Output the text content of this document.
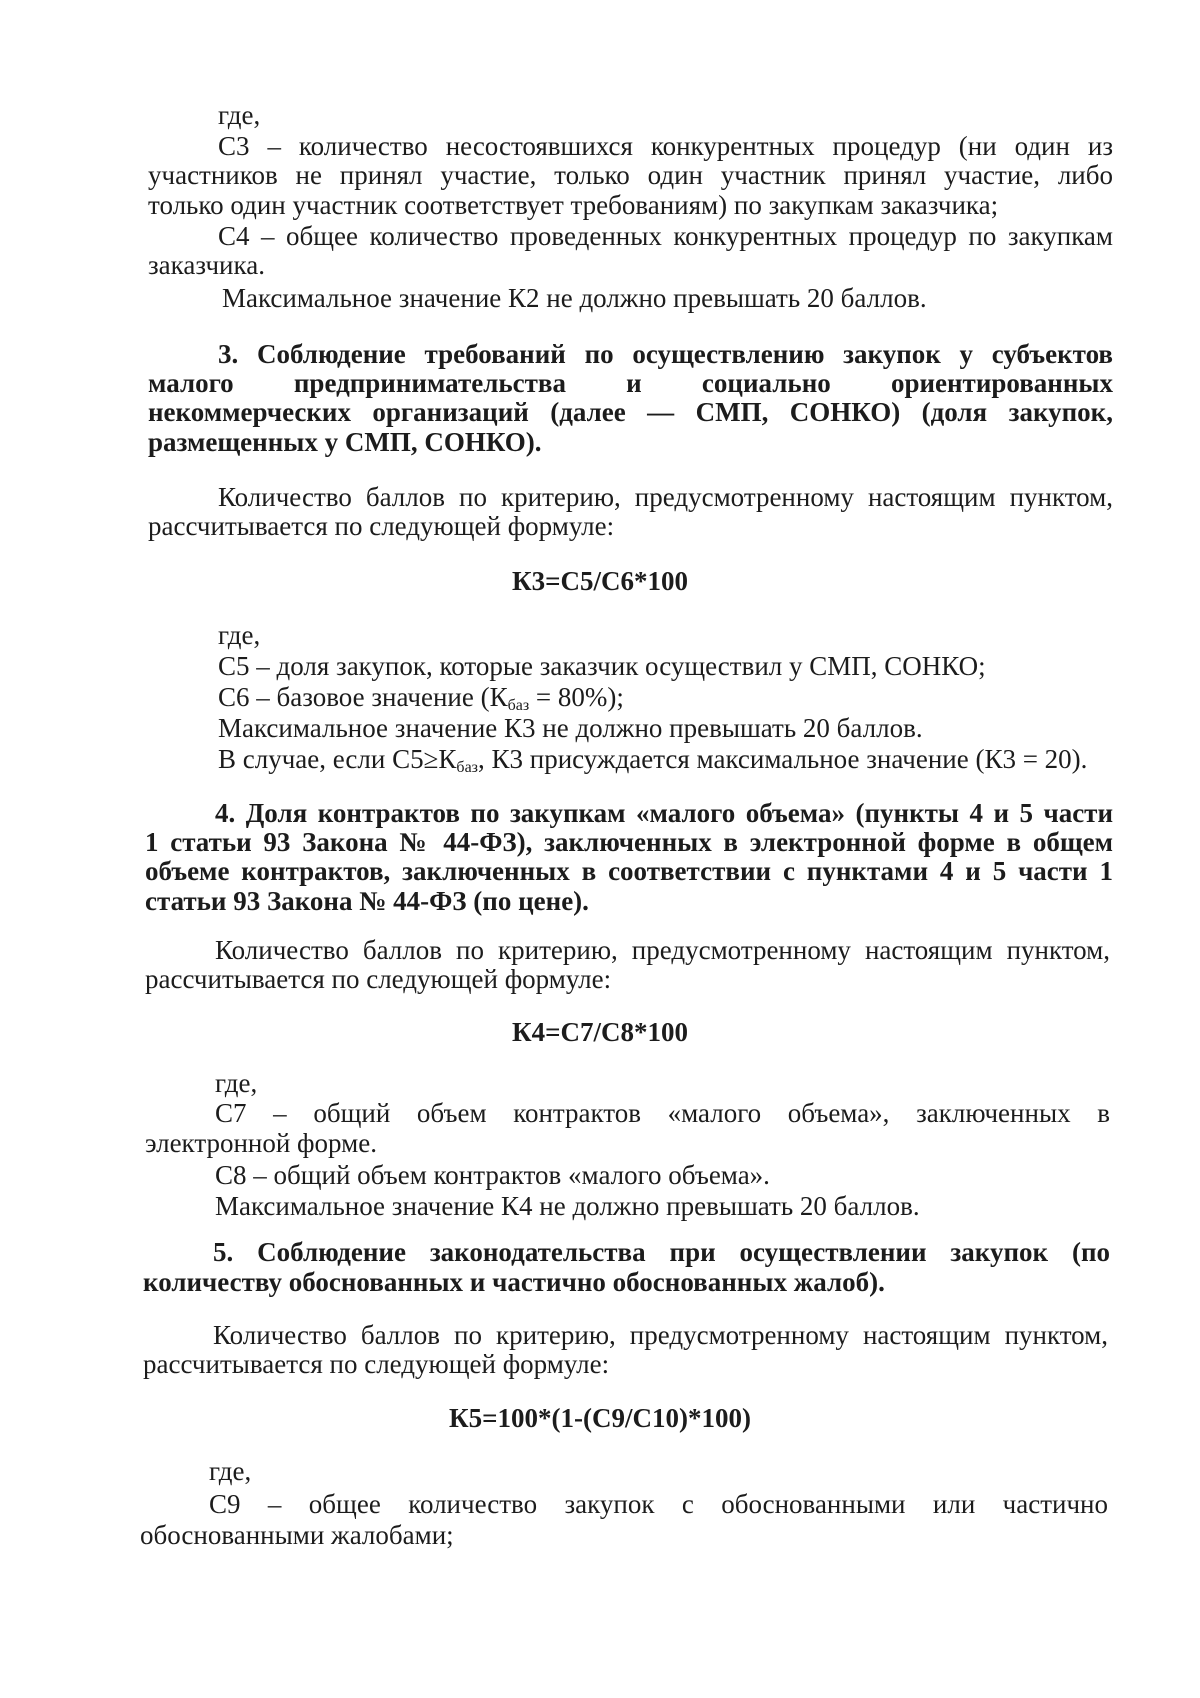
где,
С3 – количество несостоявшихся конкурентных процедур (ни один из
участников не принял участие, только один участник принял участие, либо
только один участник соответствует требованиям) по закупкам заказчика;
С4 – общее количество проведенных конкурентных процедур по закупкам
заказчика.
Максимальное значение К2 не должно превышать 20 баллов.
3. Соблюдение требований по осуществлению закупок у субъектов
малого предпринимательства и социально ориентированных
некоммерческих организаций (далее — СМП, СОНКО) (доля закупок,
размещенных у СМП, СОНКО).
Количество баллов по критерию, предусмотренному настоящим пунктом,
рассчитывается по следующей формуле:
К3=С5/С6*100
где,
С5 – доля закупок, которые заказчик осуществил у СМП, СОНКО;
С6 – базовое значение $(К_{баз} = 80\%)$;
Максимальное значение К3 не должно превышать 20 баллов.
В случае, если $С5\ge К_{баз}$, К3 присуждается максимальное значение (К3 = 20).
4. Доля контрактов по закупкам «малого объема» (пункты 4 и 5 части
1 статьи 93 Закона № 44-ФЗ), заключенных в электронной форме в общем
объеме контрактов, заключенных в соответствии с пунктами 4 и 5 части 1
статьи 93 Закона № 44-ФЗ (по цене).
Количество баллов по критерию, предусмотренному настоящим пунктом,
рассчитывается по следующей формуле:
К4=С7/С8*100
где,
С7 – общий объем контрактов «малого объема», заключенных в
электронной форме.
С8 – общий объем контрактов «малого объема».
Максимальное значение К4 не должно превышать 20 баллов.
5. Соблюдение законодательства при осуществлении закупок (по
количеству обоснованных и частично обоснованных жалоб).
Количество баллов по критерию, предусмотренному настоящим пунктом,
рассчитывается по следующей формуле:
К5=100*(1-(С9/С10)*100)
где,
С9 – общее количество закупок с обоснованными или частично
обоснованными жалобами;
